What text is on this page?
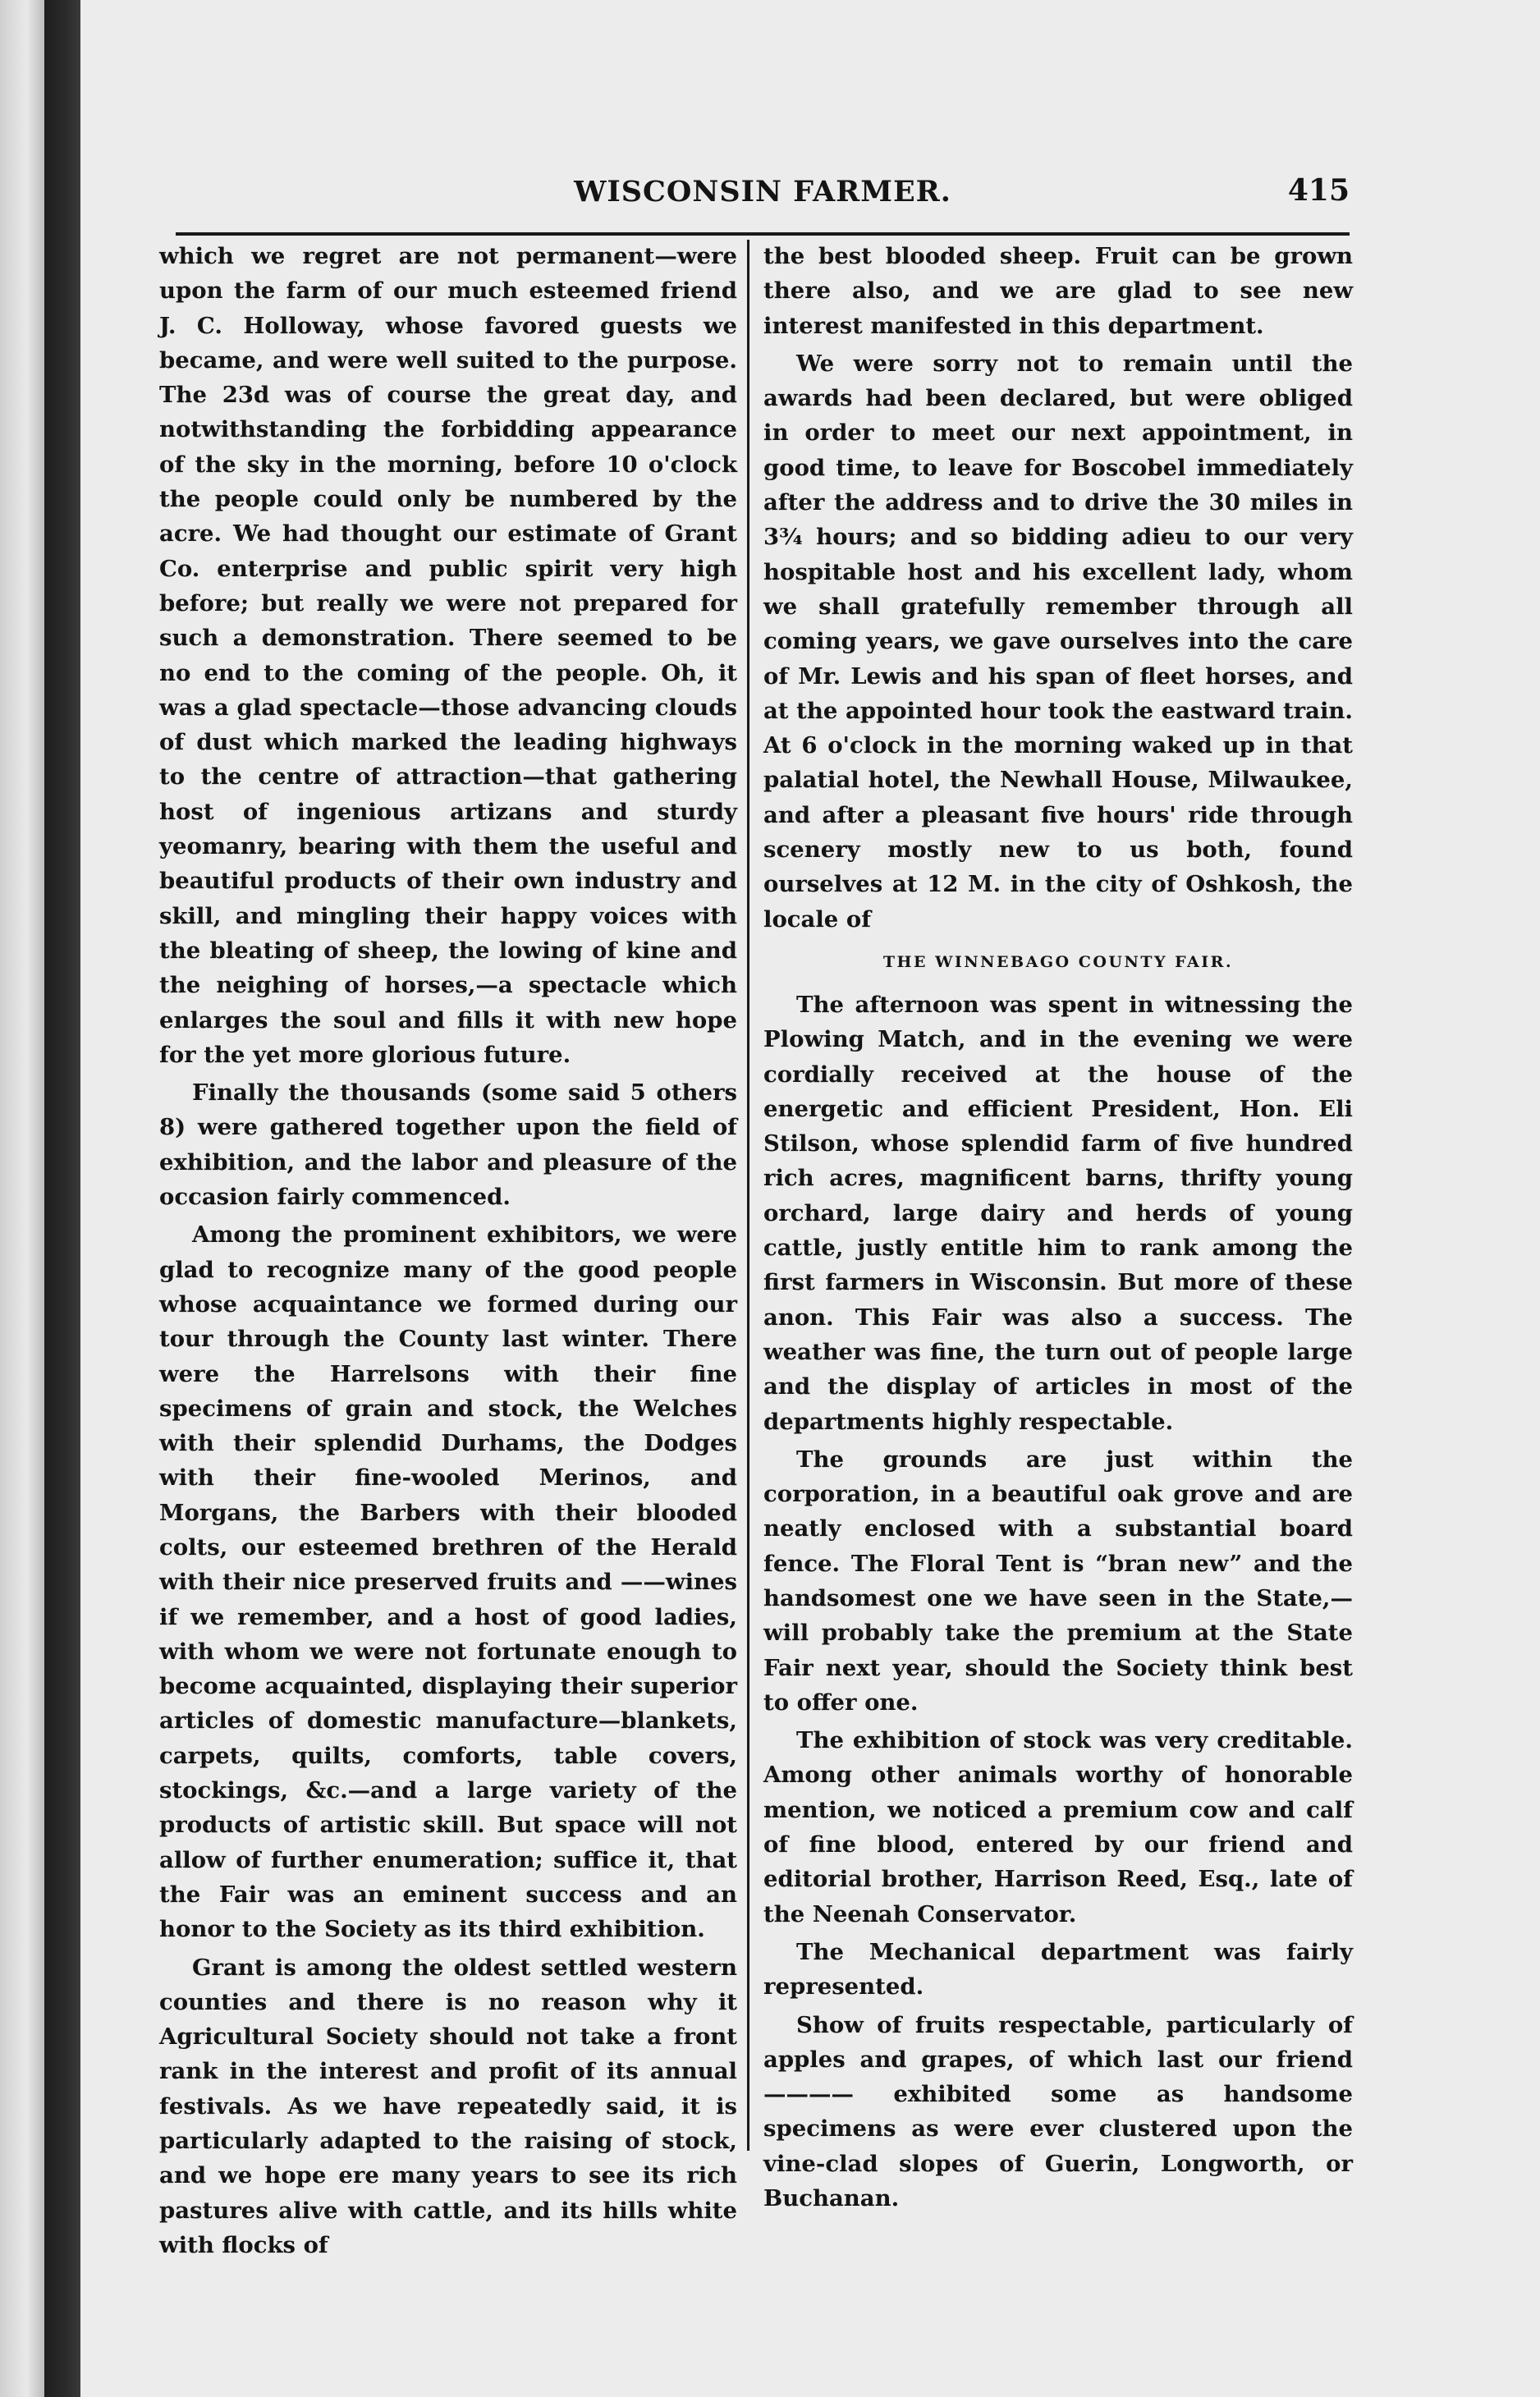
WISCONSIN FARMER.	415

which we regret are not permanent—were upon the farm of our much esteemed friend J. C. Holloway, whose favored guests we became, and were well suited to the purpose. The 23d was of course the great day, and notwithstanding the forbidding appearance of the sky in the morning, before 10 o'clock the people could only be numbered by the acre. We had thought our estimate of Grant Co. enterprise and public spirit very high before; but really we were not prepared for such a demonstration. There seemed to be no end to the coming of the people. Oh, it was a glad spectacle—those advancing clouds of dust which marked the leading highways to the centre of attraction—that gathering host of ingenious artizans and sturdy yeomanry, bearing with them the useful and beautiful products of their own industry and skill, and mingling their happy voices with the bleating of sheep, the lowing of kine and the neighing of horses,—a spectacle which enlarges the soul and fills it with new hope for the yet more glorious future.

Finally the thousands (some said 5 others 8) were gathered together upon the field of exhibition, and the labor and pleasure of the occasion fairly commenced.

Among the prominent exhibitors, we were glad to recognize many of the good people whose acquaintance we formed during our tour through the County last winter. There were the Harrelsons with their fine specimens of grain and stock, the Welches with their splendid Durhams, the Dodges with their fine-wooled Merinos, and Morgans, the Barbers with their blooded colts, our esteemed brethren of the Herald with their nice preserved fruits and ——wines if we remember, and a host of good ladies, with whom we were not fortunate enough to become acquainted, displaying their superior articles of domestic manufacture—blankets, carpets, quilts, comforts, table covers, stockings, &c.—and a large variety of the products of artistic skill. But space will not allow of further enumeration; suffice it, that the Fair was an eminent success and an honor to the Society as its third exhibition.

Grant is among the oldest settled western counties and there is no reason why it Agricultural Society should not take a front rank in the interest and profit of its annual festivals. As we have repeatedly said, it is particularly adapted to the raising of stock, and we hope ere many years to see its rich pastures alive with cattle, and its hills white with flocks of

the best blooded sheep. Fruit can be grown there also, and we are glad to see new interest manifested in this department.

We were sorry not to remain until the awards had been declared, but were obliged in order to meet our next appointment, in good time, to leave for Boscobel immediately after the address and to drive the 30 miles in 3¾ hours; and so bidding adieu to our very hospitable host and his excellent lady, whom we shall gratefully remember through all coming years, we gave ourselves into the care of Mr. Lewis and his span of fleet horses, and at the appointed hour took the eastward train. At 6 o'clock in the morning waked up in that palatial hotel, the Newhall House, Milwaukee, and after a pleasant five hours' ride through scenery mostly new to us both, found ourselves at 12 M. in the city of Oshkosh, the locale of

THE WINNEBAGO COUNTY FAIR.

The afternoon was spent in witnessing the Plowing Match, and in the evening we were cordially received at the house of the energetic and efficient President, Hon. Eli Stilson, whose splendid farm of five hundred rich acres, magnificent barns, thrifty young orchard, large dairy and herds of young cattle, justly entitle him to rank among the first farmers in Wisconsin. But more of these anon. This Fair was also a success. The weather was fine, the turn out of people large and the display of articles in most of the departments highly respectable.

The grounds are just within the corporation, in a beautiful oak grove and are neatly enclosed with a substantial board fence. The Floral Tent is “bran new” and the handsomest one we have seen in the State,—will probably take the premium at the State Fair next year, should the Society think best to offer one.

The exhibition of stock was very creditable. Among other animals worthy of honorable mention, we noticed a premium cow and calf of fine blood, entered by our friend and editorial brother, Harrison Reed, Esq., late of the Neenah Conservator.

The Mechanical department was fairly represented.

Show of fruits respectable, particularly of apples and grapes, of which last our friend ———— exhibited some as handsome specimens as were ever clustered upon the vine-clad slopes of Guerin, Longworth, or Buchanan.
